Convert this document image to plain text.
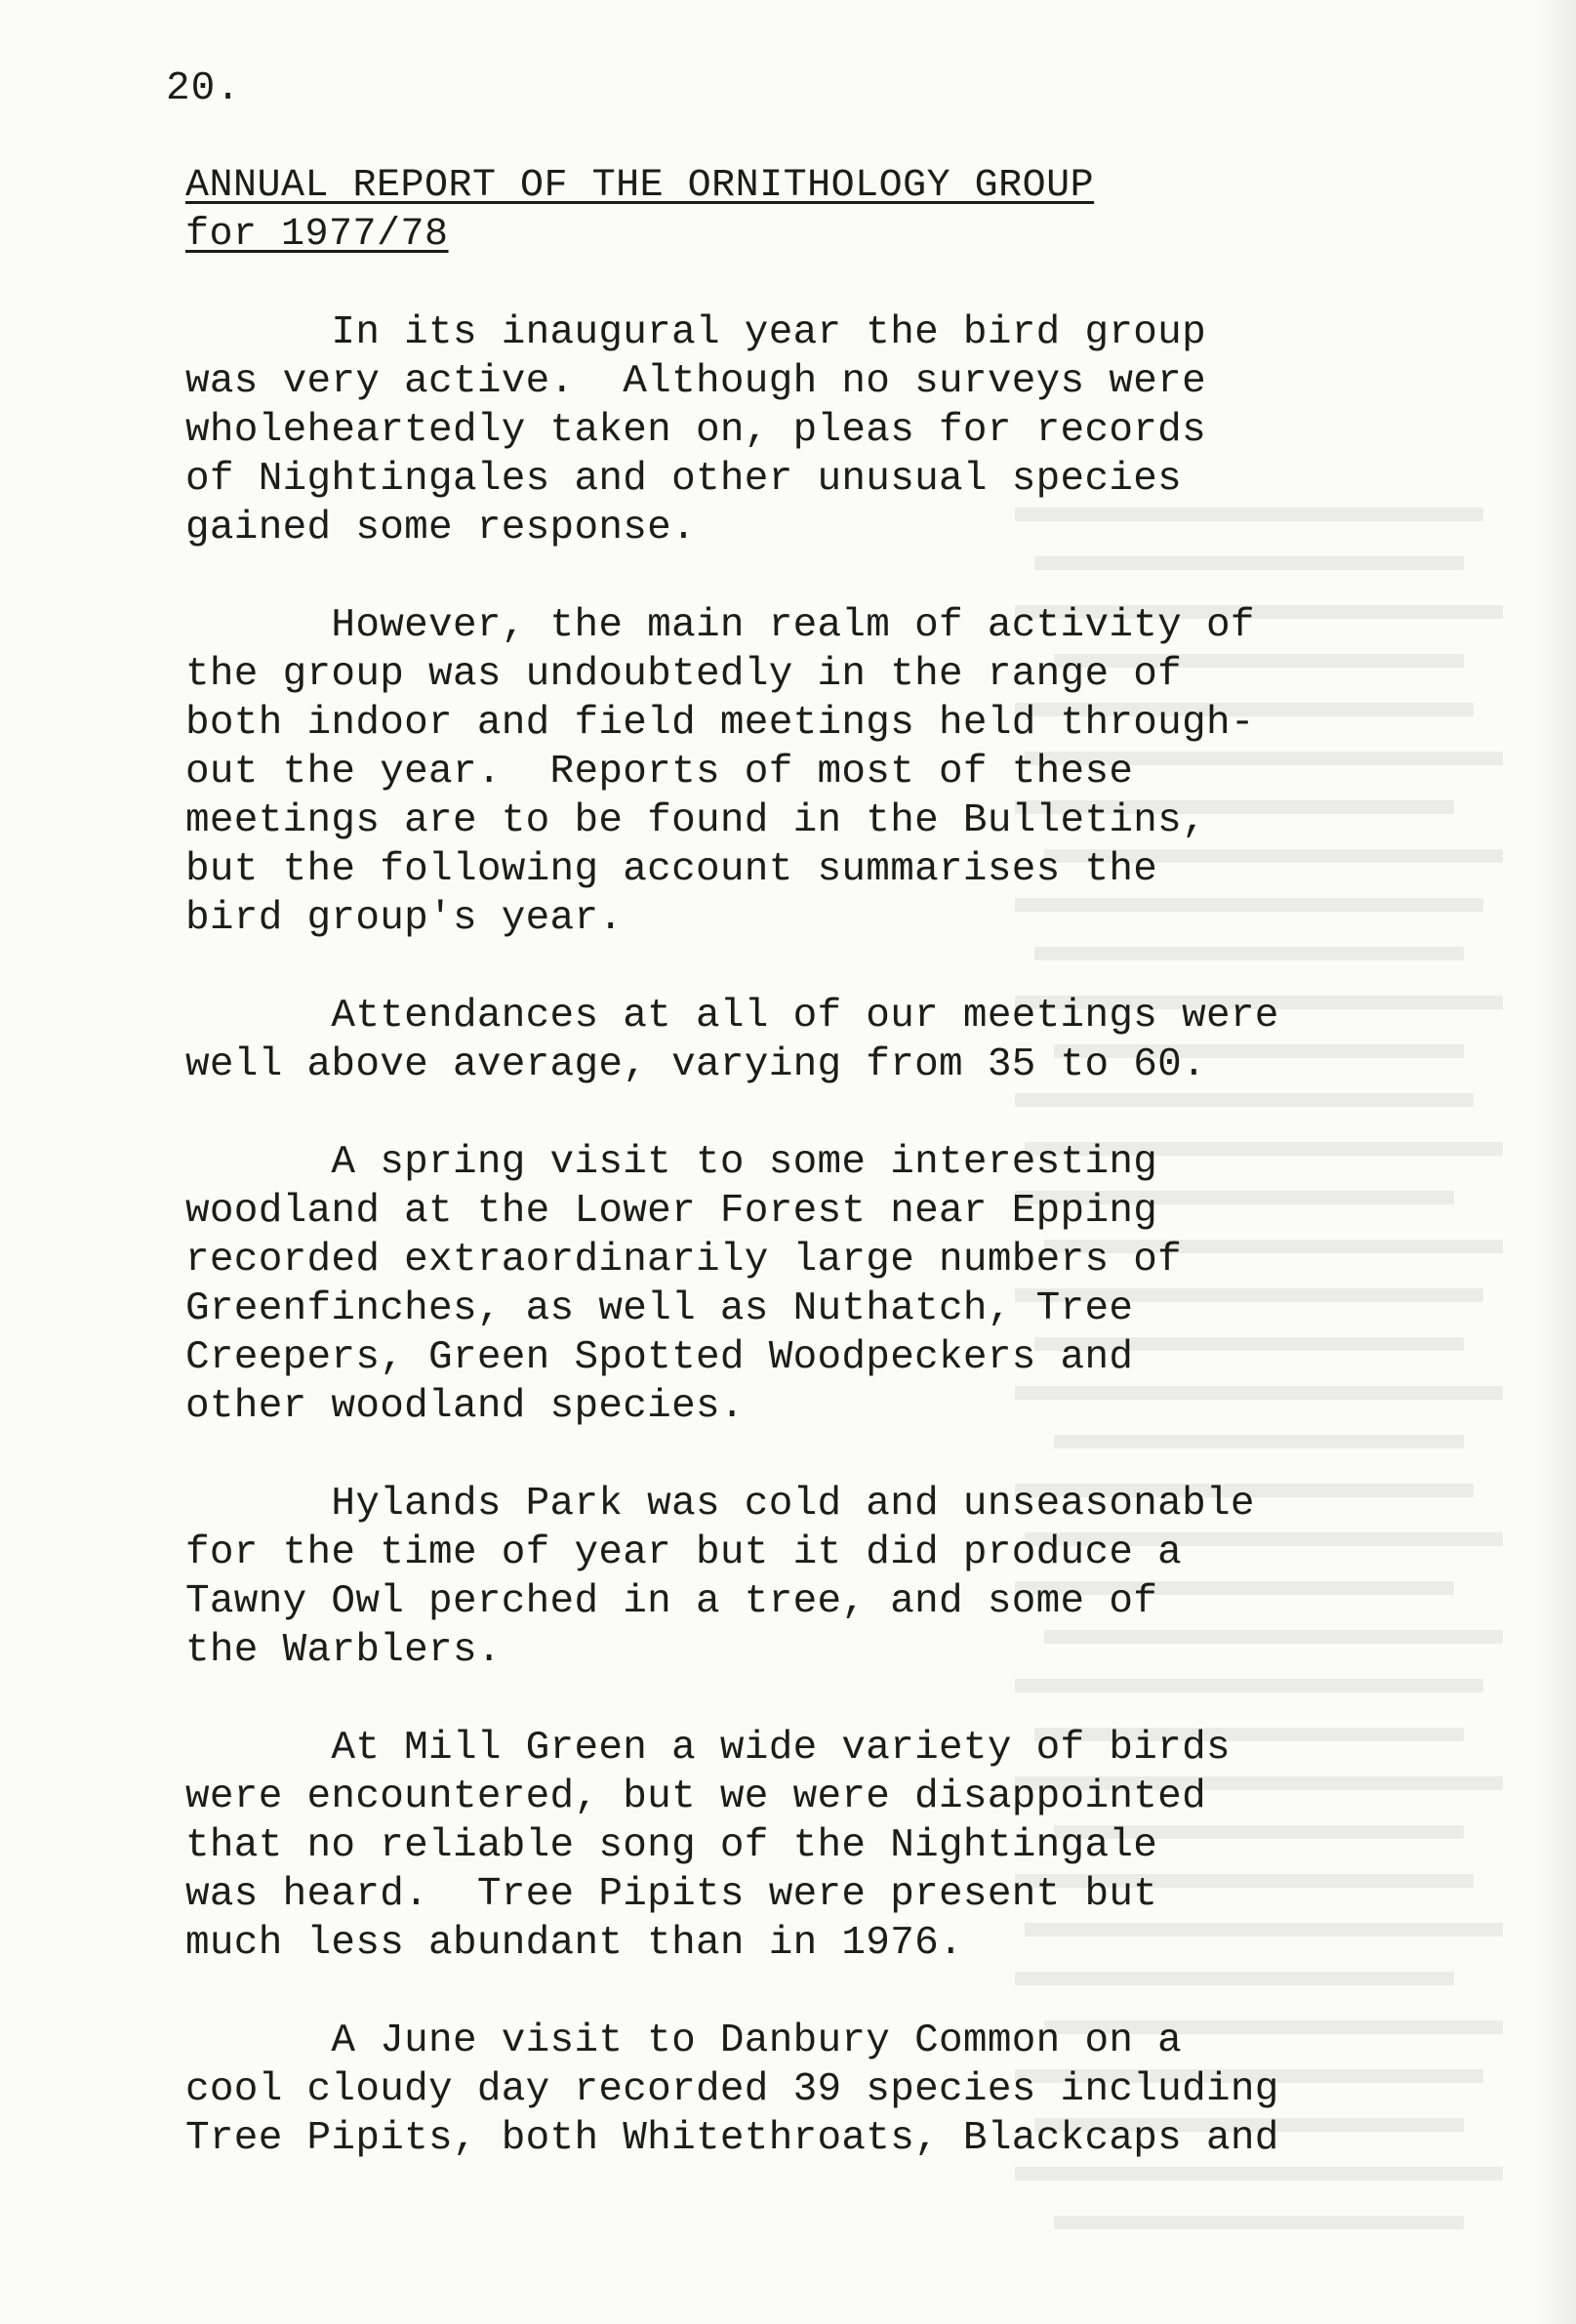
20.
ANNUAL REPORT OF THE ORNITHOLOGY GROUP
for 1977/78

In its inaugural year the bird group
was very active.  Although no surveys were
wholeheartedly taken on, pleas for records
of Nightingales and other unusual species
gained some response.

However, the main realm of activity of
the group was undoubtedly in the range of
both indoor and field meetings held through-
out the year.  Reports of most of these
meetings are to be found in the Bulletins,
but the following account summarises the
bird group's year.

Attendances at all of our meetings were
well above average, varying from 35 to 60.

A spring visit to some interesting
woodland at the Lower Forest near Epping
recorded extraordinarily large numbers of
Greenfinches, as well as Nuthatch, Tree
Creepers, Green Spotted Woodpeckers and
other woodland species.

Hylands Park was cold and unseasonable
for the time of year but it did produce a
Tawny Owl perched in a tree, and some of
the Warblers.

At Mill Green a wide variety of birds
were encountered, but we were disappointed
that no reliable song of the Nightingale
was heard.  Tree Pipits were present but
much less abundant than in 1976.

A June visit to Danbury Common on a
cool cloudy day recorded 39 species including
Tree Pipits, both Whitethroats, Blackcaps and
